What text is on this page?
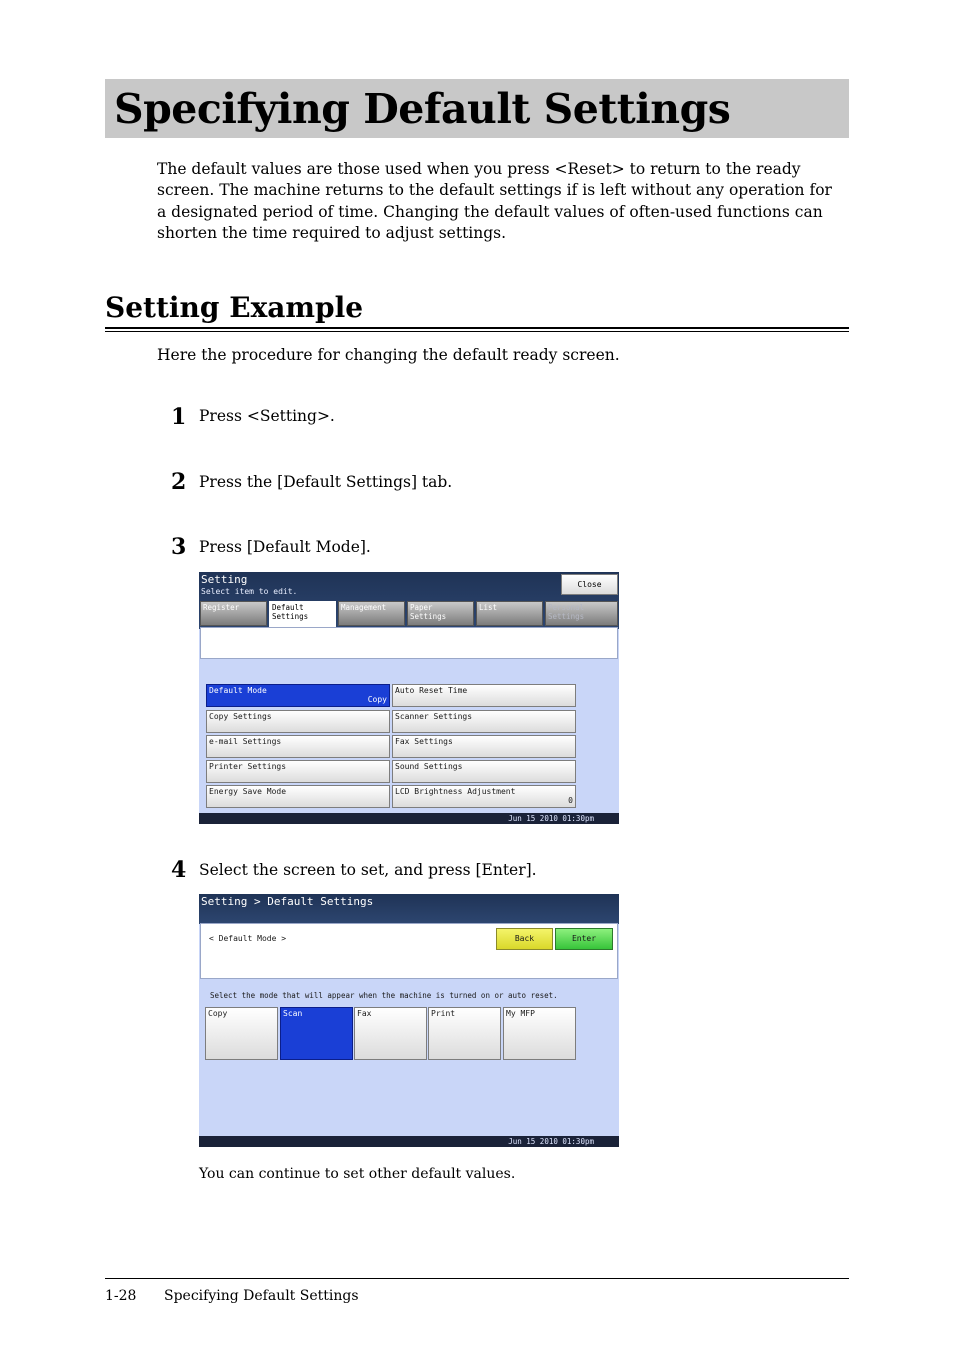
Specifying Default Settings
The default values are those used when you press <Reset> to return to the ready screen. The machine returns to the default settings if is left without any operation for a designated period of time. Changing the default values of often-used functions can shorten the time required to adjust settings.
Setting Example
Here the procedure for changing the default ready screen.
1 Press <Setting>.
2 Press the [Default Settings] tab.
3 Press [Default Mode].
Setting
Select item to edit.
Close
Register	Default
Settings
Management	Paper
Settings
List	Personal
Settings
Default Mode
Copy
Auto Reset Time
Copy Settings	Scanner Settings
e-mail Settings	Fax Settings
Printer Settings	Sound Settings
Energy Save Mode	LCD Brightness Adjustment
0
Jun 15 2010 01:30pm
4 Select the screen to set, and press [Enter].
Setting > Default Settings
< Default Mode >	Back	Enter
Select the mode that will appear when the machine is turned on or auto reset.
Copy	Scan	Fax	Print	My MFP
Jun 15 2010 01:30pm
You can continue to set other default values.
1-28 Specifying Default Settings
